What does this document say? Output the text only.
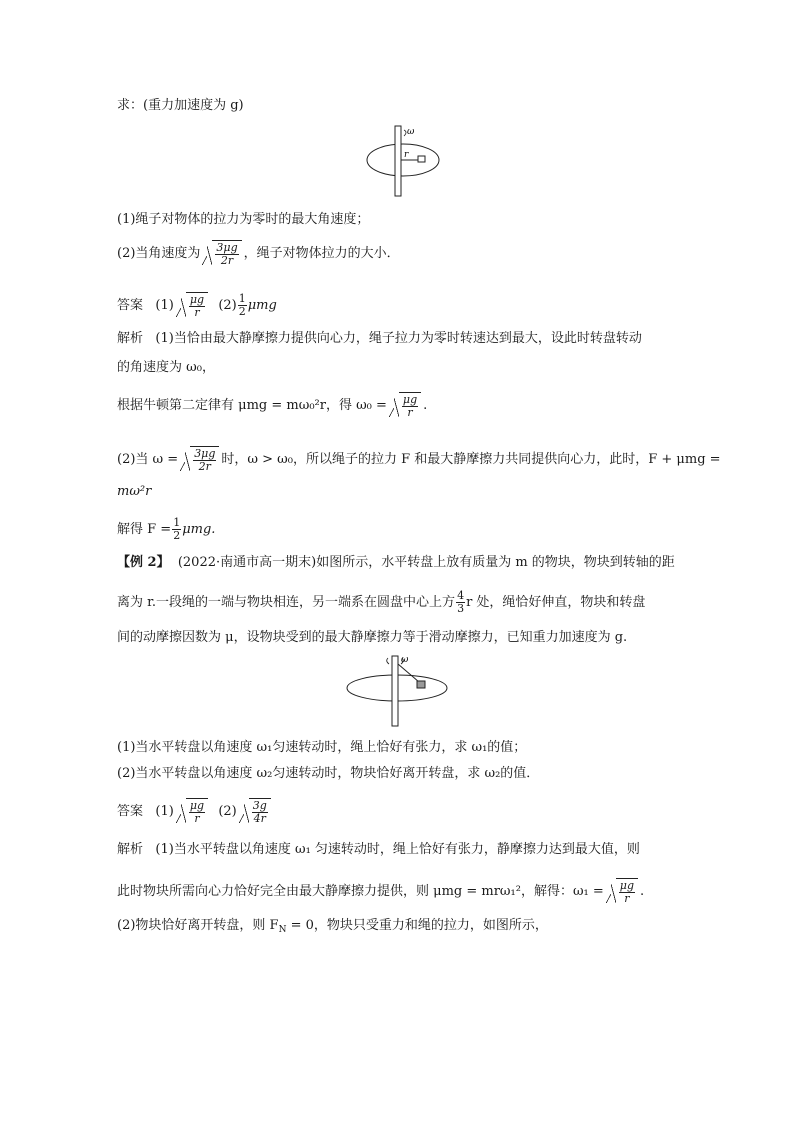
求：(重力加速度为 g)
ω
r
(1)绳子对物体的拉力为零时的最大角速度；
(2)当角速度为 $\frac{3\mu g}{2r}$ ，绳子对物体拉力的大小．
答案 $(1) \frac{\mu g}{r} (2) \frac{1}{2}$ μmg
解析 (1)当恰由最大静摩擦力提供向心力，绳子拉力为零时转速达到最大，设此时转盘转动
的角速度为 ω₀，
根据牛顿第二定律有 μmg = mω₀²r，得 $\omega_0 = \frac{\mu g}{r}$ .
(2)当 $\omega = \frac{3\mu g}{2r}$ 时，ω > ω₀，所以绳子的拉力 F 和最大静摩擦力共同提供向心力，此时，F + μmg =
mω²r
解得 $F = \frac{1}{2} \mu mg$.
【例 2】 (2022·南通市高一期末)如图所示，水平转盘上放有质量为 m 的物块，物块到转轴的距
离为 r.一段绳的一端与物块相连，另一端系在圆盘中心上方 $\frac{4}{3}$ r 处，绳恰好伸直，物块和转盘
间的动摩擦因数为 μ，设物块受到的最大静摩擦力等于滑动摩擦力，已知重力加速度为 g.
ω
(1)当水平转盘以角速度 ω₁匀速转动时，绳上恰好有张力，求 ω₁的值；
(2)当水平转盘以角速度 ω₂匀速转动时，物块恰好离开转盘，求 ω₂的值．
答案 $(1) \frac{\mu g}{r} (2) \frac{3g}{4r}$
解析 (1)当水平转盘以角速度 ω₁ 匀速转动时，绳上恰好有张力，静摩擦力达到最大值，则
此时物块所需向心力恰好完全由最大静摩擦力提供，则 μmg = mrω₁²，解得：$\omega_1 = \frac{\mu g}{r}$ .
(2)物块恰好离开转盘，则 $F_N = 0$，物块只受重力和绳的拉力，如图所示，
